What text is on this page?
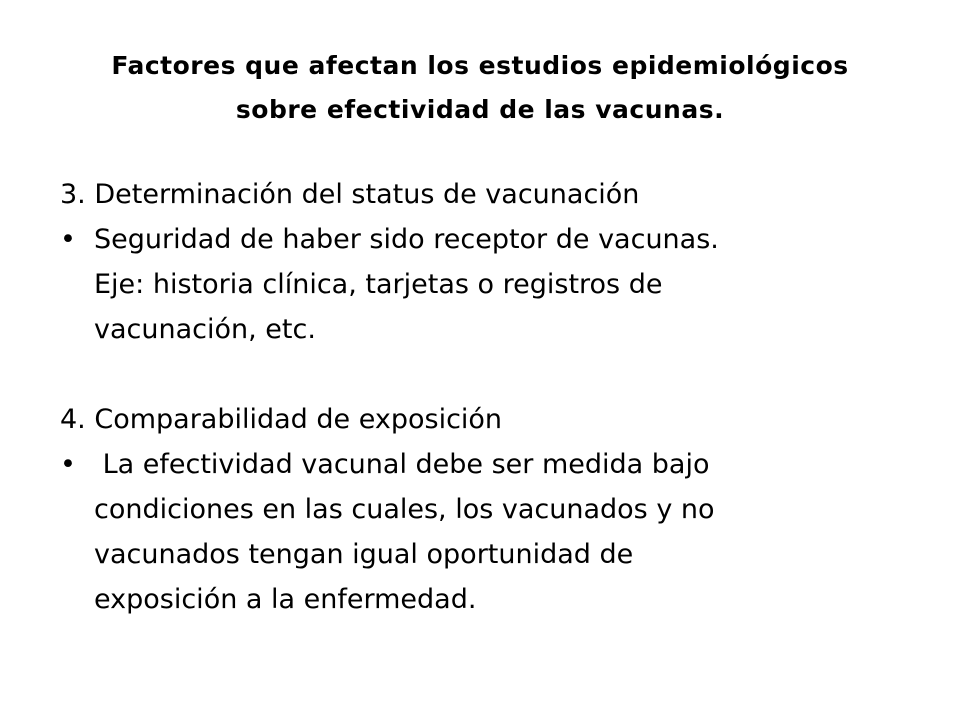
Factores que afectan los estudios epidemiológicos
sobre efectividad de las vacunas.

3. Determinación del status de vacunación

• Seguridad de haber sido receptor de vacunas.
Eje: historia clínica, tarjetas o registros de
vacunación, etc.

4. Comparabilidad de exposición

• La efectividad vacunal debe ser medida bajo
condiciones en las cuales, los vacunados y no
vacunados tengan igual oportunidad de
exposición a la enfermedad.
